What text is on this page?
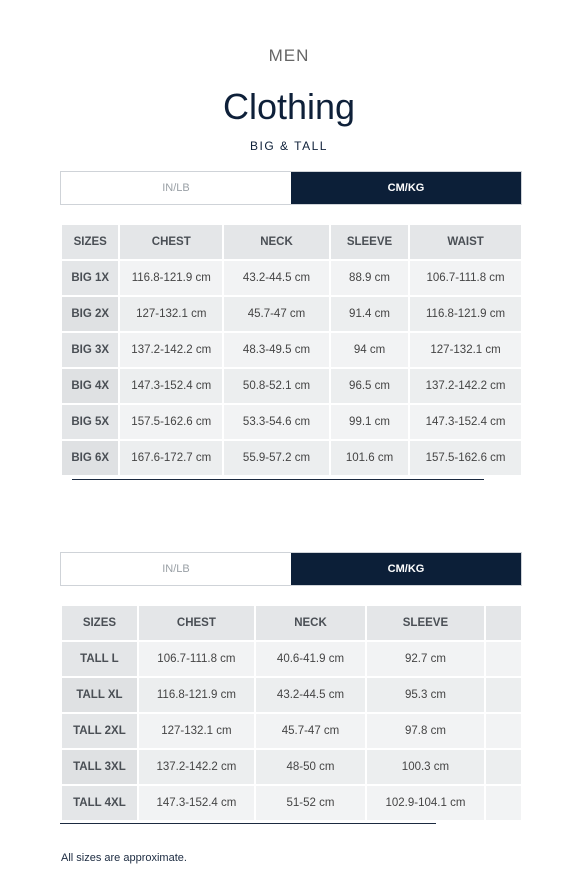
MEN
Clothing
BIG & TALL
IN/LB	CM/KG
SIZES	CHEST	NECK	SLEEVE	WAIST
BIG 1X	116.8-121.9 cm	43.2-44.5 cm	88.9 cm	106.7-111.8 cm
BIG 2X	127-132.1 cm	45.7-47 cm	91.4 cm	116.8-121.9 cm
BIG 3X	137.2-142.2 cm	48.3-49.5 cm	94 cm	127-132.1 cm
BIG 4X	147.3-152.4 cm	50.8-52.1 cm	96.5 cm	137.2-142.2 cm
BIG 5X	157.5-162.6 cm	53.3-54.6 cm	99.1 cm	147.3-152.4 cm
BIG 6X	167.6-172.7 cm	55.9-57.2 cm	101.6 cm	157.5-162.6 cm
IN/LB	CM/KG
SIZES	CHEST	NECK	SLEEVE	
TALL L	106.7-111.8 cm	40.6-41.9 cm	92.7 cm	
TALL XL	116.8-121.9 cm	43.2-44.5 cm	95.3 cm	
TALL 2XL	127-132.1 cm	45.7-47 cm	97.8 cm	
TALL 3XL	137.2-142.2 cm	48-50 cm	100.3 cm	
TALL 4XL	147.3-152.4 cm	51-52 cm	102.9-104.1 cm	
All sizes are approximate.
